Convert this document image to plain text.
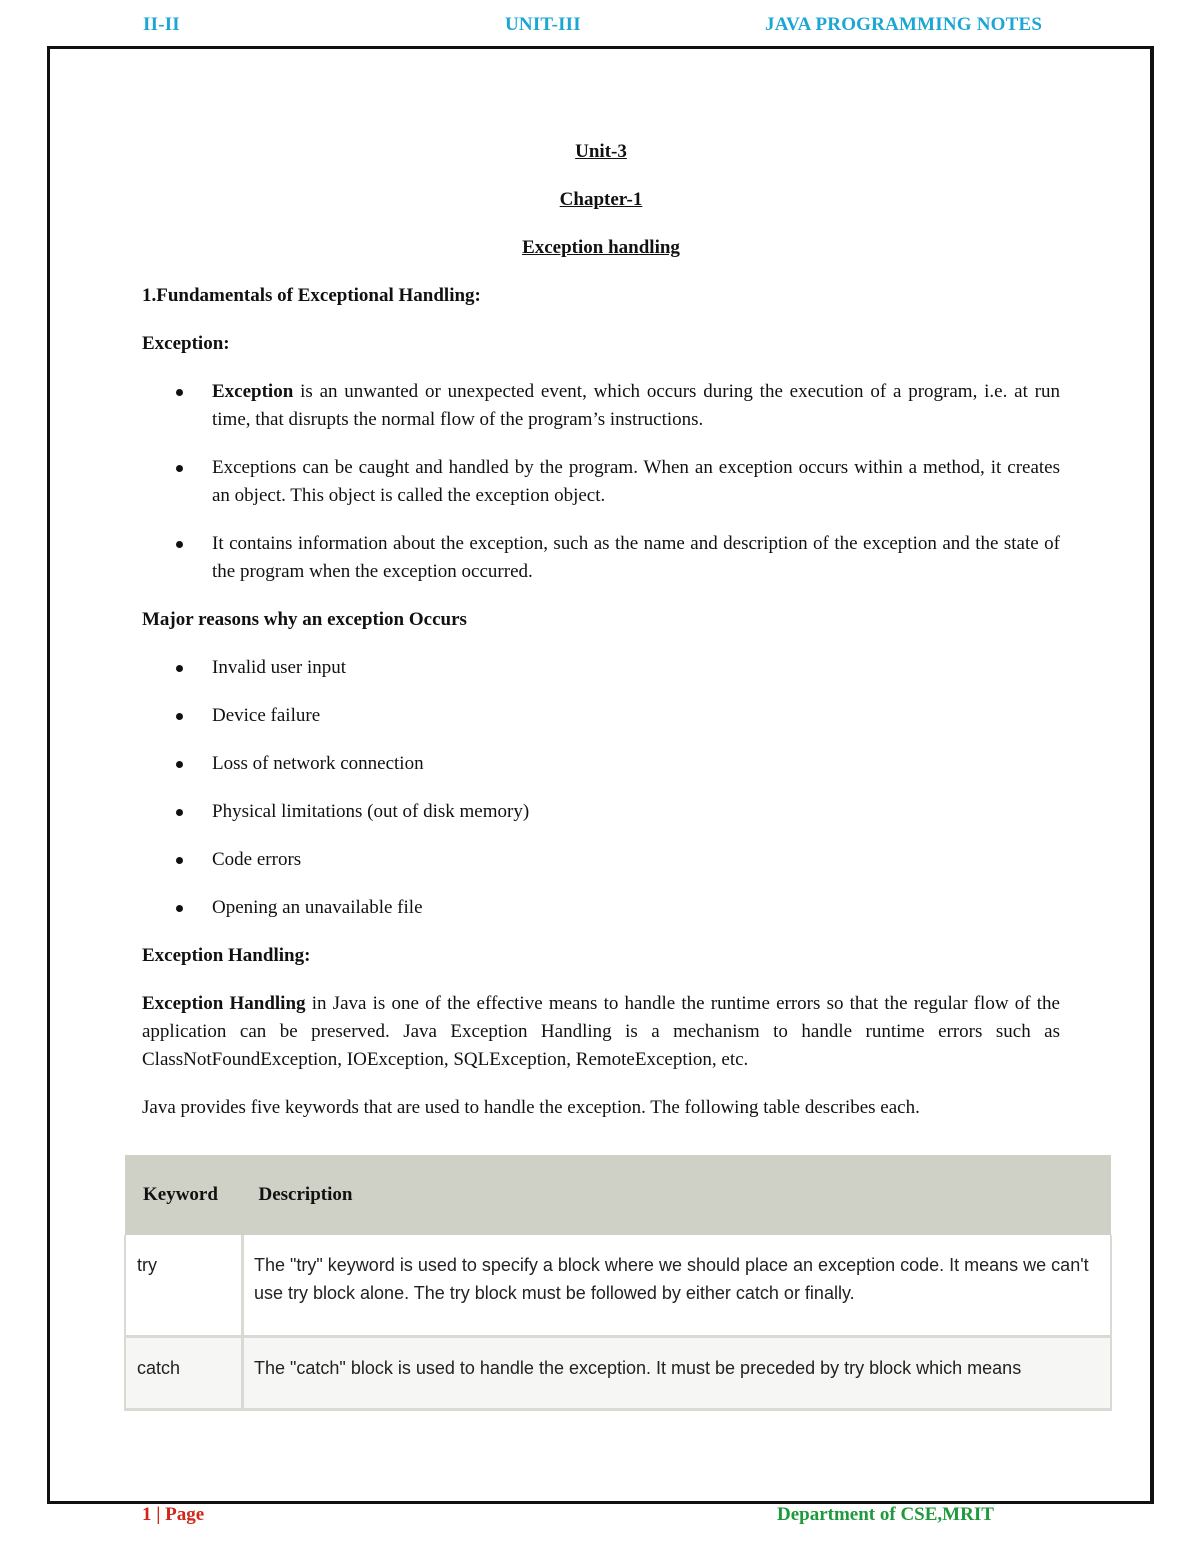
II-II	UNIT-III	JAVA PROGRAMMING NOTES
Unit-3
Chapter-1
Exception handling
1.Fundamentals of Exceptional Handling:
Exception:
Exception is an unwanted or unexpected event, which occurs during the execution of a program, i.e. at run time, that disrupts the normal flow of the program’s instructions.
Exceptions can be caught and handled by the program. When an exception occurs within a method, it creates an object. This object is called the exception object.
It contains information about the exception, such as the name and description of the exception and the state of the program when the exception occurred.
Major reasons why an exception Occurs
Invalid user input
Device failure
Loss of network connection
Physical limitations (out of disk memory)
Code errors
Opening an unavailable file
Exception Handling:

Exception Handling in Java is one of the effective means to handle the runtime errors so that the regular flow of the application can be preserved. Java Exception Handling is a mechanism to handle runtime errors such as ClassNotFoundException, IOException, SQLException, RemoteException, etc.

Java provides five keywords that are used to handle the exception. The following table describes each.

Keyword	Description
try	The "try" keyword is used to specify a block where we should place an exception code. It means we can't use try block alone. The try block must be followed by either catch or finally.
catch	The "catch" block is used to handle the exception. It must be preceded by try block which means
1 | Page	Department of CSE,MRIT
